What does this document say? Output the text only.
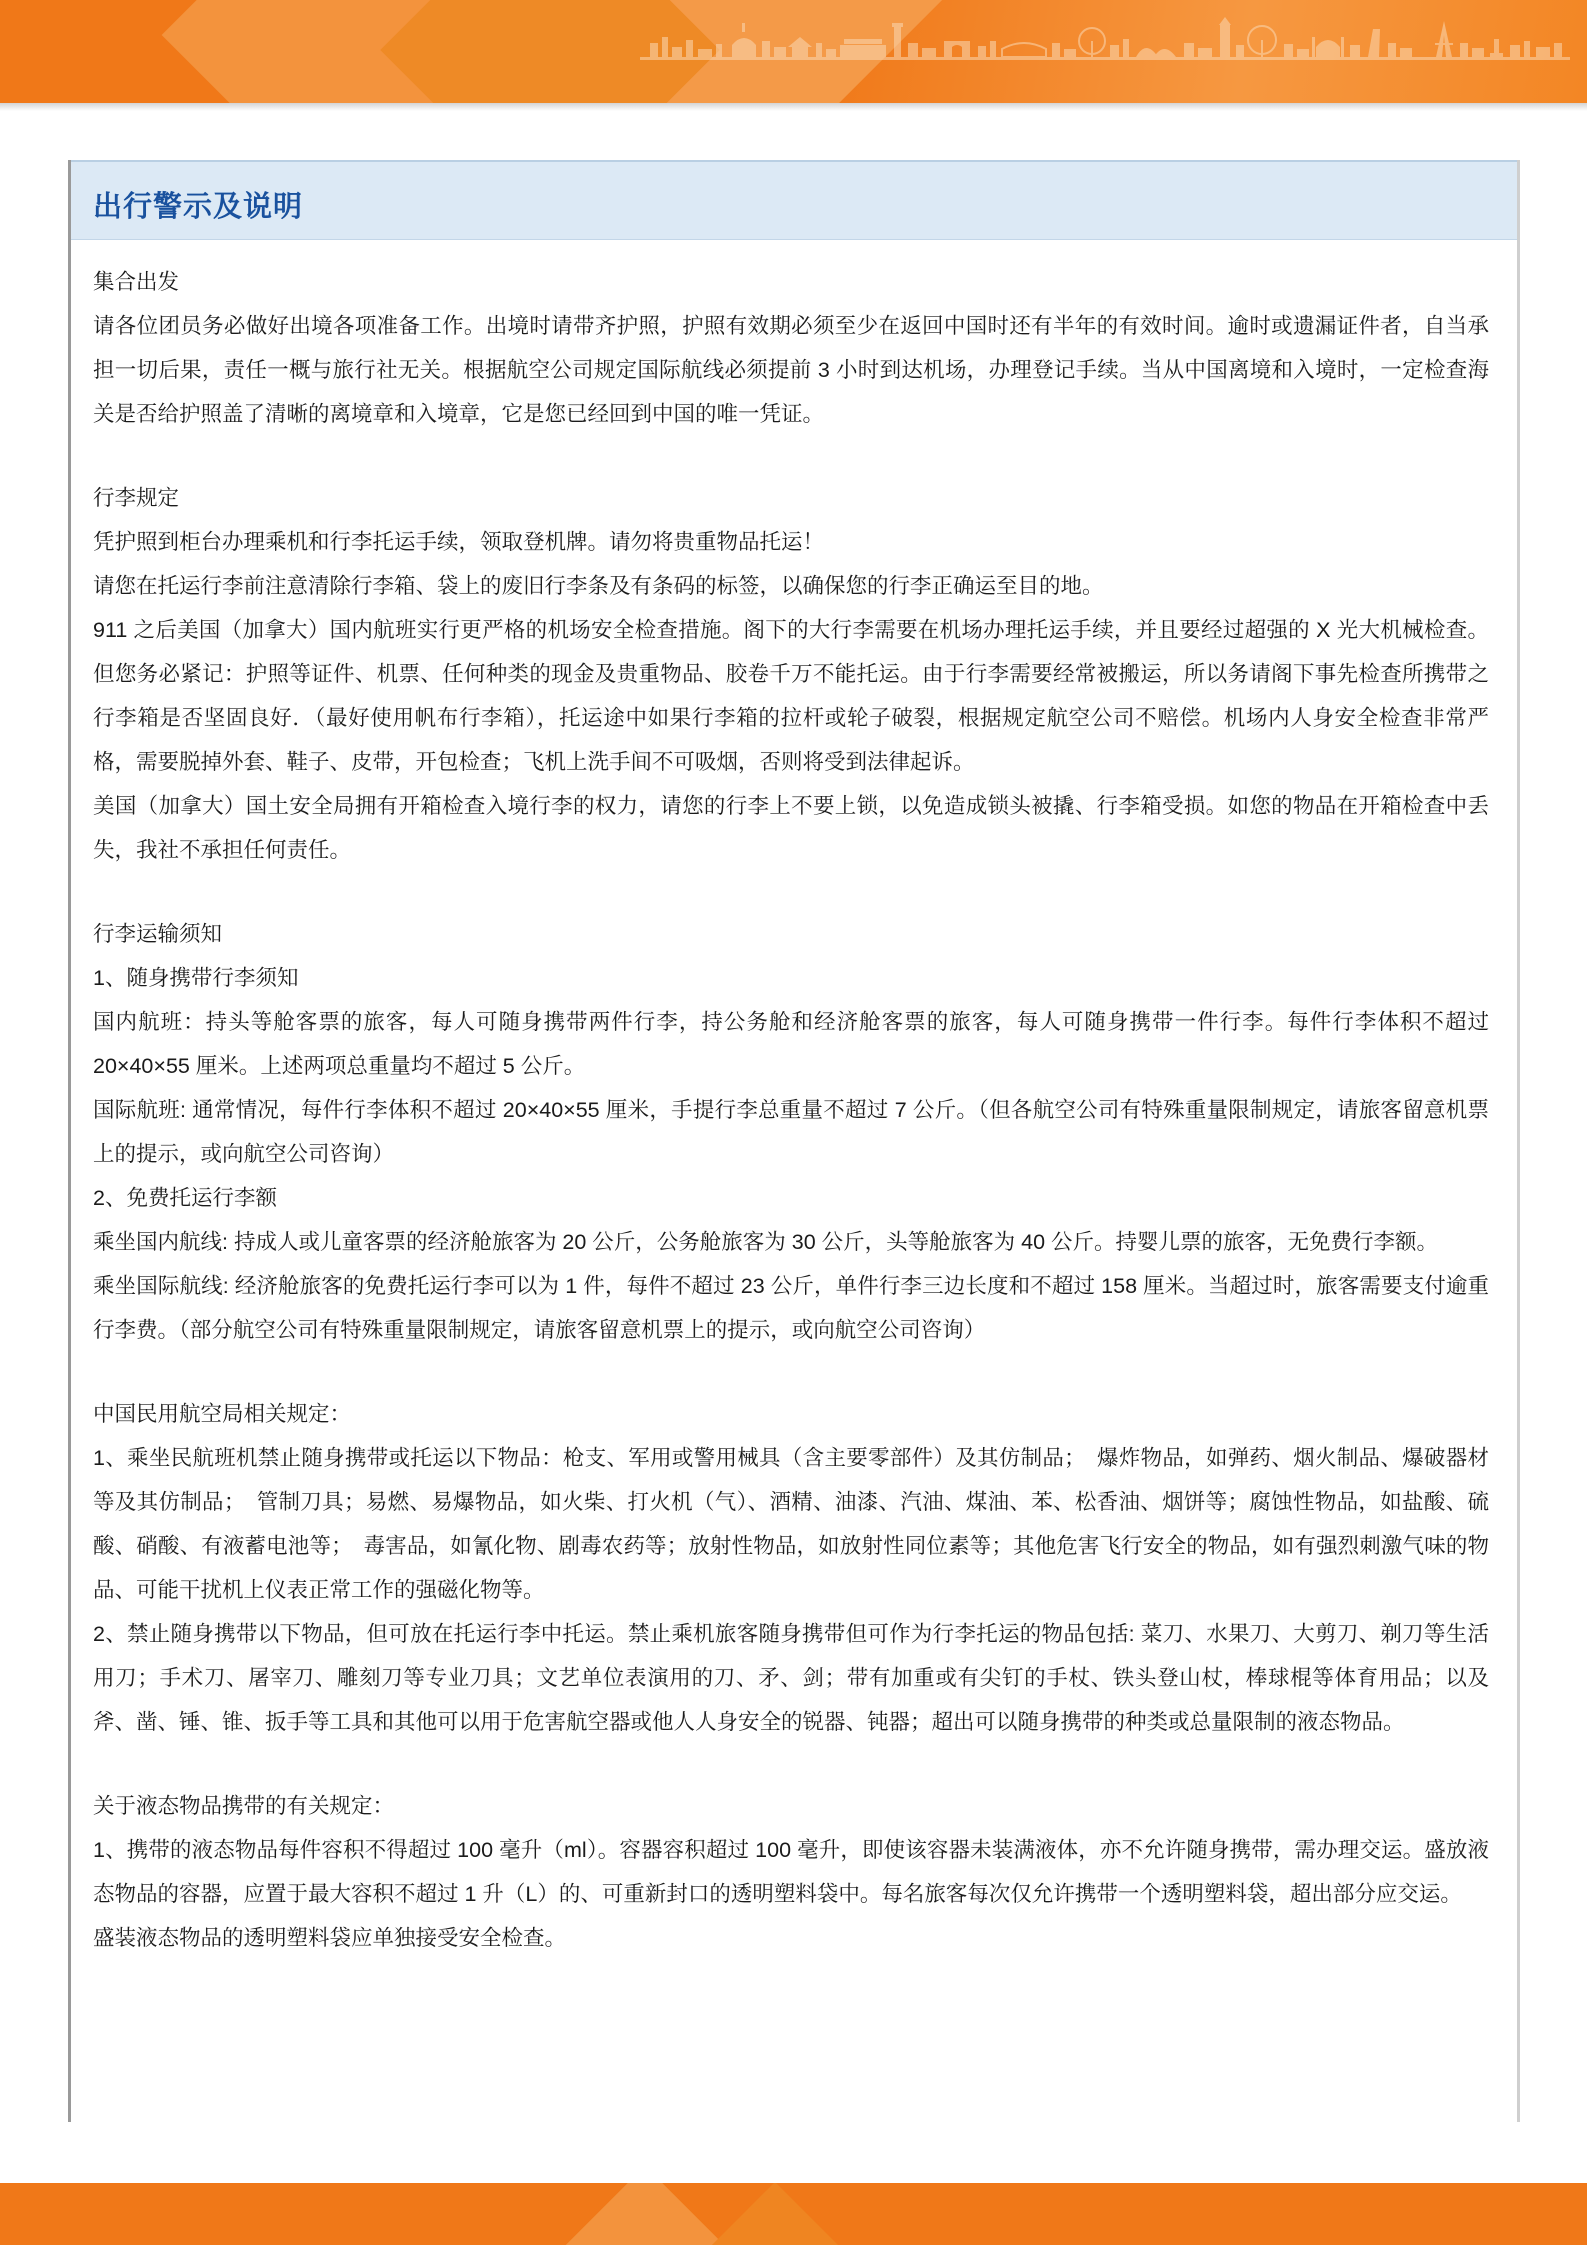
出行警示及说明

集合出发

请各位团员务必做好出境各项准备工作。出境时请带齐护照，护照有效期必须至少在返回中国时还有半年的有效时间。逾时或遗漏证件者，自当承担一切后果，责任一概与旅行社无关。根据航空公司规定国际航线必须提前 3 小时到达机场，办理登记手续。当从中国离境和入境时，一定检查海关是否给护照盖了清晰的离境章和入境章，它是您已经回到中国的唯一凭证。

行李规定

凭护照到柜台办理乘机和行李托运手续，领取登机牌。请勿将贵重物品托运！

请您在托运行李前注意清除行李箱、袋上的废旧行李条及有条码的标签，以确保您的行李正确运至目的地。

911 之后美国（加拿大）国内航班实行更严格的机场安全检查措施。阁下的大行李需要在机场办理托运手续，并且要经过超强的 X 光大机械检查。但您务必紧记：护照等证件、机票、任何种类的现金及贵重物品、胶卷千万不能托运。由于行李需要经常被搬运，所以务请阁下事先检查所携带之行李箱是否坚固良好．（最好使用帆布行李箱），托运途中如果行李箱的拉杆或轮子破裂，根据规定航空公司不赔偿。机场内人身安全检查非常严格，需要脱掉外套、鞋子、皮带，开包检查；飞机上洗手间不可吸烟，否则将受到法律起诉。

美国（加拿大）国土安全局拥有开箱检查入境行李的权力，请您的行李上不要上锁，以免造成锁头被撬、行李箱受损。如您的物品在开箱检查中丢失，我社不承担任何责任。

行李运输须知

1、随身携带行李须知

国内航班：持头等舱客票的旅客，每人可随身携带两件行李，持公务舱和经济舱客票的旅客，每人可随身携带一件行李。每件行李体积不超过 20×40×55 厘米。上述两项总重量均不超过 5 公斤。

国际航班: 通常情况，每件行李体积不超过 20×40×55 厘米，手提行李总重量不超过 7 公斤。（但各航空公司有特殊重量限制规定，请旅客留意机票上的提示，或向航空公司咨询）

2、免费托运行李额

乘坐国内航线: 持成人或儿童客票的经济舱旅客为 20 公斤，公务舱旅客为 30 公斤，头等舱旅客为 40 公斤。持婴儿票的旅客，无免费行李额。

乘坐国际航线: 经济舱旅客的免费托运行李可以为 1 件，每件不超过 23 公斤，单件行李三边长度和不超过 158 厘米。当超过时，旅客需要支付逾重行李费。（部分航空公司有特殊重量限制规定，请旅客留意机票上的提示，或向航空公司咨询）

中国民用航空局相关规定：

1、乘坐民航班机禁止随身携带或托运以下物品：枪支、军用或警用械具（含主要零部件）及其仿制品；　爆炸物品，如弹药、烟火制品、爆破器材等及其仿制品；　管制刀具；易燃、易爆物品，如火柴、打火机（气）、酒精、油漆、汽油、煤油、苯、松香油、烟饼等；腐蚀性物品，如盐酸、硫酸、硝酸、有液蓄电池等；　毒害品，如氰化物、剧毒农药等；放射性物品，如放射性同位素等；其他危害飞行安全的物品，如有强烈刺激气味的物品、可能干扰机上仪表正常工作的强磁化物等。

2、禁止随身携带以下物品，但可放在托运行李中托运。禁止乘机旅客随身携带但可作为行李托运的物品包括: 菜刀、水果刀、大剪刀、剃刀等生活用刀；手术刀、屠宰刀、雕刻刀等专业刀具；文艺单位表演用的刀、矛、剑；带有加重或有尖钉的手杖、铁头登山杖，棒球棍等体育用品；以及斧、凿、锤、锥、扳手等工具和其他可以用于危害航空器或他人人身安全的锐器、钝器；超出可以随身携带的种类或总量限制的液态物品。

关于液态物品携带的有关规定：

1、携带的液态物品每件容积不得超过 100 毫升（ml）。容器容积超过 100 毫升，即使该容器未装满液体，亦不允许随身携带，需办理交运。盛放液态物品的容器，应置于最大容积不超过 1 升（L）的、可重新封口的透明塑料袋中。每名旅客每次仅允许携带一个透明塑料袋，超出部分应交运。

盛装液态物品的透明塑料袋应单独接受安全检查。
